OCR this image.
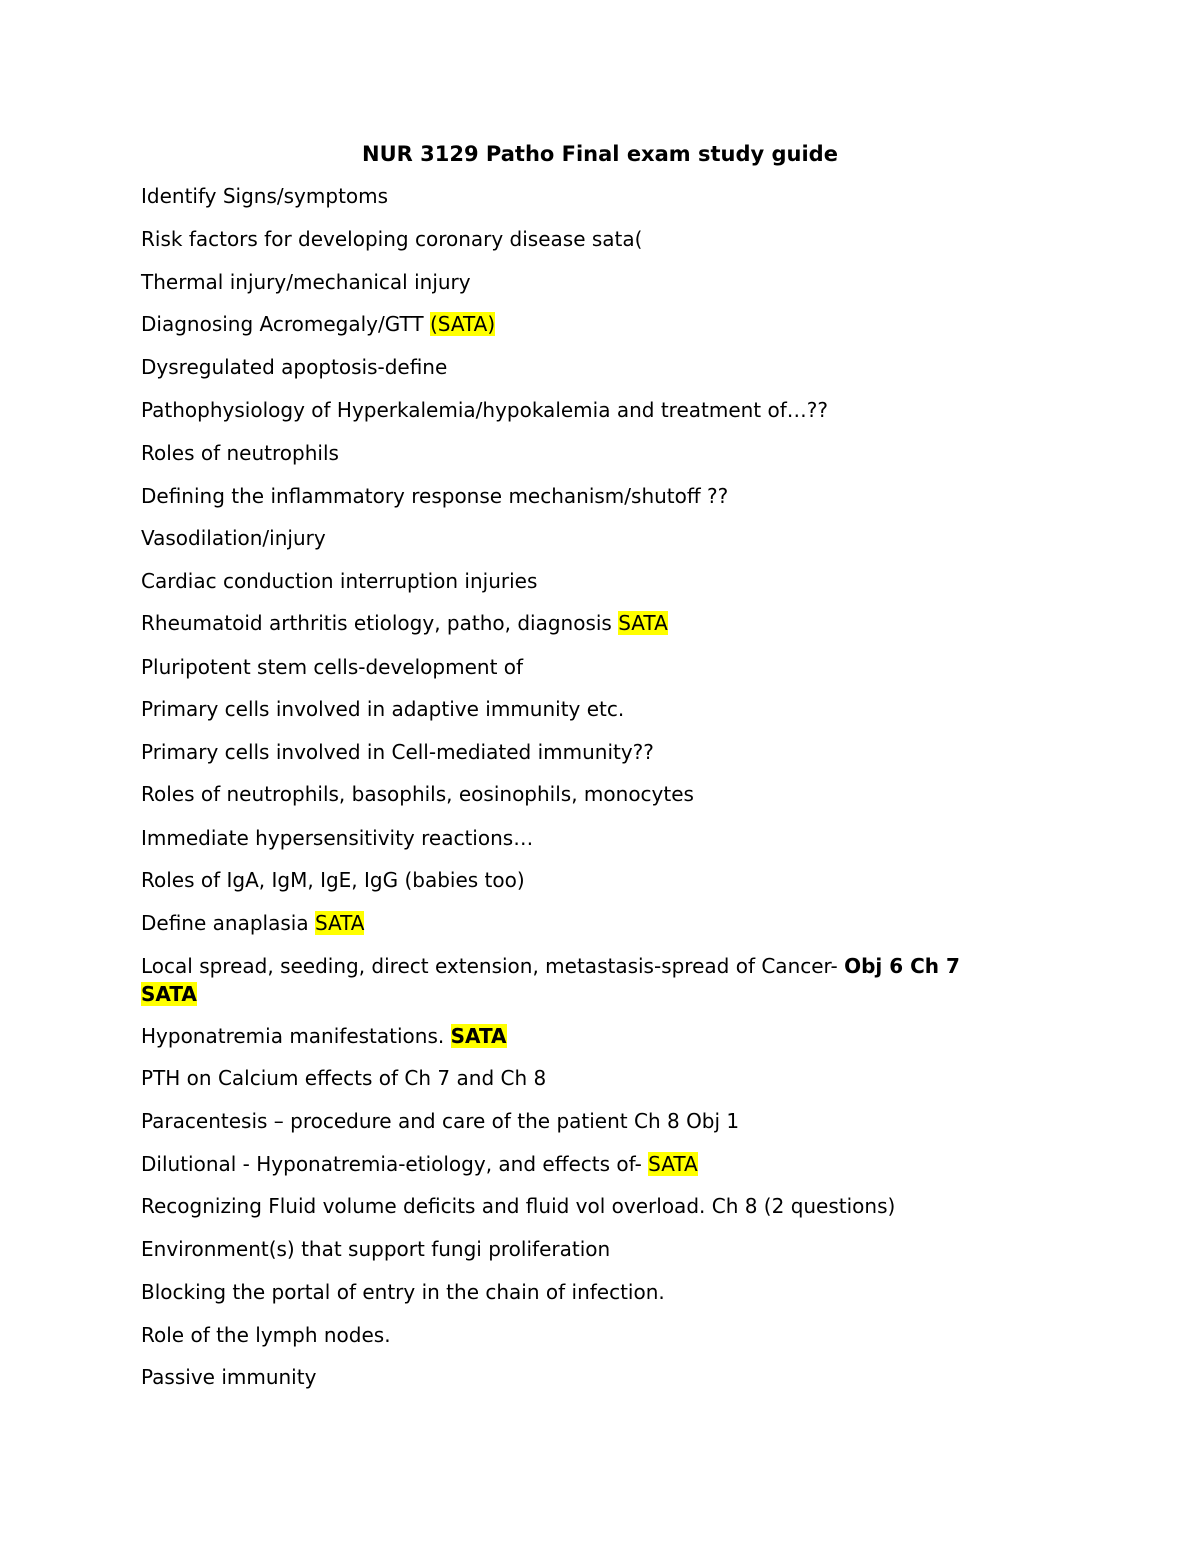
NUR 3129 Patho Final exam study guide
Identify Signs/symptoms
Risk factors for developing coronary disease sata(
Thermal injury/mechanical injury
Diagnosing Acromegaly/GTT (SATA)
Dysregulated apoptosis-define
Pathophysiology of Hyperkalemia/hypokalemia and treatment of…??
Roles of neutrophils
Defining the inflammatory response mechanism/shutoff ??
Vasodilation/injury
Cardiac conduction interruption injuries
Rheumatoid arthritis etiology, patho, diagnosis SATA
Pluripotent stem cells-development of
Primary cells involved in adaptive immunity etc.
Primary cells involved in Cell-mediated immunity??
Roles of neutrophils, basophils, eosinophils, monocytes
Immediate hypersensitivity reactions…
Roles of IgA, IgM, IgE, IgG (babies too)
Define anaplasia SATA
Local spread, seeding, direct extension, metastasis-spread of Cancer- Obj 6 Ch 7
SATA
Hyponatremia manifestations. SATA
PTH on Calcium effects of Ch 7 and Ch 8
Paracentesis – procedure and care of the patient Ch 8 Obj 1
Dilutional - Hyponatremia-etiology, and effects of- SATA
Recognizing Fluid volume deficits and fluid vol overload. Ch 8 (2 questions)
Environment(s) that support fungi proliferation
Blocking the portal of entry in the chain of infection.
Role of the lymph nodes.
Passive immunity
